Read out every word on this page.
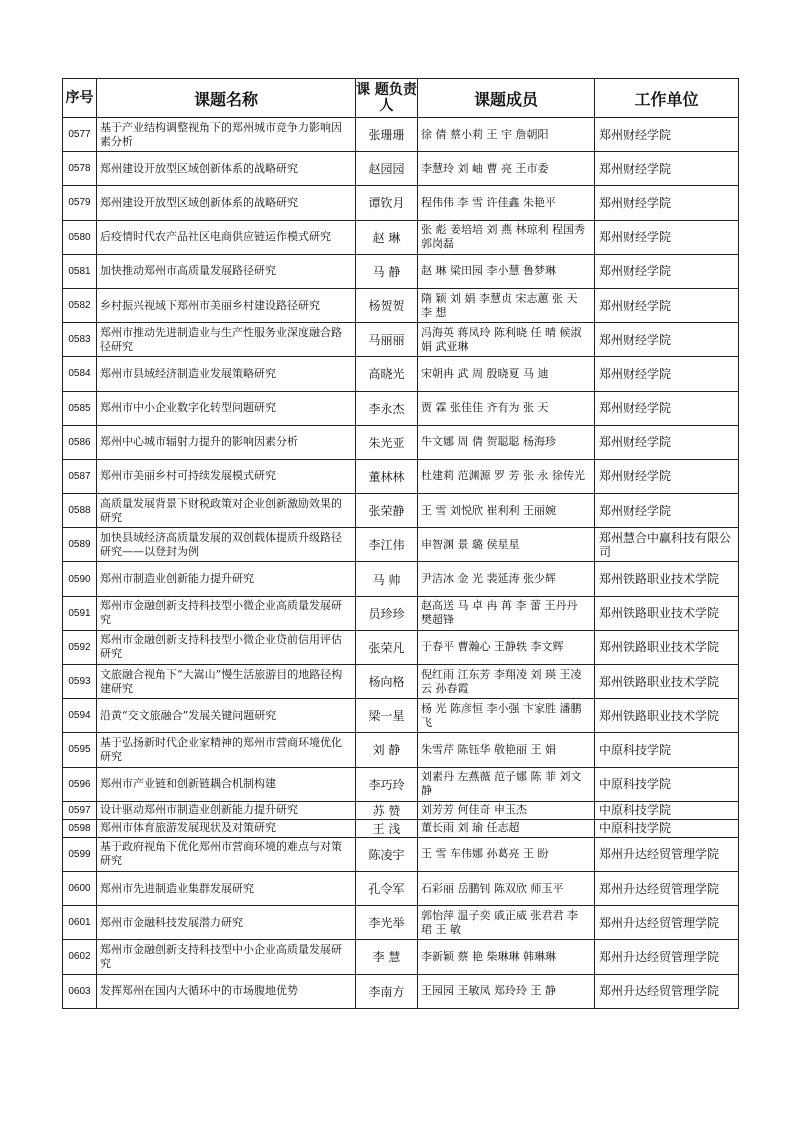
序号	课题名称	课 题负责人	课题成员	工作单位
0577	基于产业结构调整视角下的郑州城市竞争力影响因素分析	张珊珊	徐 倩 蔡小莉 王 宇 詹朝阳	郑州财经学院
0578	郑州建设开放型区域创新体系的战略研究	赵园园	李慧玲 刘 岫 曹 亮 王市委	郑州财经学院
0579	郑州建设开放型区域创新体系的战略研究	谭钦月	程伟伟 李 雪 许佳鑫 朱艳平	郑州财经学院
0580	后疫情时代农产品社区电商供应链运作模式研究	赵 琳	张 彪 姜培培 刘 燕 林琼利 程国秀 郭岗磊	郑州财经学院
0581	加快推动郑州市高质量发展路径研究	马 静	赵 琳 梁田园 李小慧 鲁梦琳	郑州财经学院
0582	乡村振兴视域下郑州市美丽乡村建设路径研究	杨贺贺	隋 颖 刘 娟 李慧贞 宋志蕙 张 天 李 想	郑州财经学院
0583	郑州市推动先进制造业与生产性服务业深度融合路径研究	马丽丽	冯海英 蒋凤玲 陈利晓 任 晴 候淑娟 武亚琳	郑州财经学院
0584	郑州市县域经济制造业发展策略研究	高晓光	宋朝冉 武 周 殷晓夏 马 迪	郑州财经学院
0585	郑州市中小企业数字化转型问题研究	李永杰	贾 霖 张佳佳 齐有为 张 天	郑州财经学院
0586	郑州中心城市辐射力提升的影响因素分析	朱光亚	牛文娜 周 倩 贺聪聪 杨海珍	郑州财经学院
0587	郑州市美丽乡村可持续发展模式研究	董林林	杜建莉 范渊源 罗 芳 张 永 徐传光	郑州财经学院
0588	高质量发展背景下财税政策对企业创新激励效果的研究	张荣静	王 雪 刘悦欣 崔利利 王丽婉	郑州财经学院
0589	加快县域经济高质量发展的双创载体提质升级路径研究——以登封为例	李江伟	申智渊 景 璐 侯星星	郑州慧合中赢科技有限公司
0590	郑州市制造业创新能力提升研究	马 帅	尹洁冰 金 光 裴延涛 张少辉	郑州铁路职业技术学院
0591	郑州市金融创新支持科技型小微企业高质量发展研究	员珍珍	赵高送 马 卓 冉 苒 李 蕾 王丹丹 樊超锋	郑州铁路职业技术学院
0592	郑州市金融创新支持科技型小微企业贷前信用评估研究	张荣凡	于春平 曹瀚心 王静轶 李文辉	郑州铁路职业技术学院
0593	文旅融合视角下“大嵩山”慢生活旅游目的地路径构建研究	杨向格	倪红雨 江东芳 李翔凌 刘 瑛 王凌云 孙春霞	郑州铁路职业技术学院
0594	沿黄“交文旅融合”发展关键问题研究	梁一星	杨 光 陈彦恒 李小强 卞家胜 潘鹏飞	郑州铁路职业技术学院
0595	基于弘扬新时代企业家精神的郑州市营商环境优化研究	刘 静	朱雪芹 陈钰华 敬艳丽 王 娟	中原科技学院
0596	郑州市产业链和创新链耦合机制构建	李巧玲	刘素丹 左燕薇 范子娜 陈 菲 刘文静	中原科技学院
0597	设计驱动郑州市制造业创新能力提升研究	苏 赞	刘芳芳 何佳奇 申玉杰	中原科技学院
0598	郑州市体育旅游发展现状及对策研究	王 浅	董长雨 刘 瑜 任志超	中原科技学院
0599	基于政府视角下优化郑州市营商环境的难点与对策研究	陈凌宇	王 雪 车伟娜 孙葛亮 王 盼	郑州升达经贸管理学院
0600	郑州市先进制造业集群发展研究	孔令军	石彩丽 岳鹏钊 陈双欣 师玉平	郑州升达经贸管理学院
0601	郑州市金融科技发展潜力研究	李光举	郭怡萍 温子奕 戚正威 张君君 李 珺 王 敏	郑州升达经贸管理学院
0602	郑州市金融创新支持科技型中小企业高质量发展研究	李 慧	李新颖 蔡 艳 柴琳琳 韩琳琳	郑州升达经贸管理学院
0603	发挥郑州在国内大循环中的市场腹地优势	李南方	王园园 王敏凤 郑玲玲 王 静	郑州升达经贸管理学院
